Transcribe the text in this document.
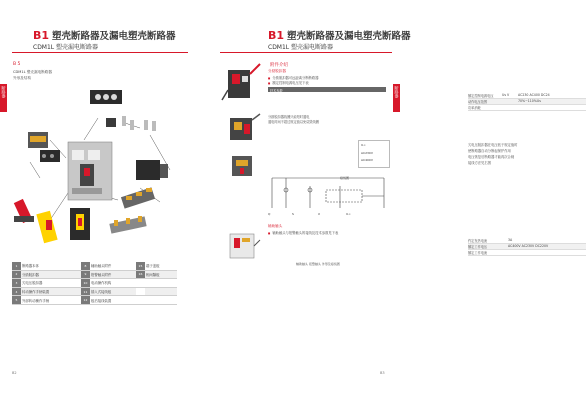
B1 塑壳断路器及漏电塑壳断路器
CDM1L 塑壳漏电断路器
断路器
B 5
CDM1L 塑壳漏电断路器
外形及结构
1	断路器本体	8	辅助触头附件	15	端子盖板
2	分励脱扣器	9	报警触头附件	16	相间隔板
3	欠电压脱扣器	10	电动操作机构		
4	转动操作手柄装置	11	插入式接线板		
5	外部转动操作手柄	12	板后接线装置		
B2
B1 塑壳断路器及漏电塑壳断路器
CDM1L 塑壳漏电断路器
断路器
附件介绍
分励脱扣器
■ 分励脱扣器可远距离分断断路器
■ 额定控制电源电压见下表
技术参数
额定控制电源电压	Us V	AC230 AC400 DC24
动作电压范围	70%~110%Us
功率消耗
分励脱扣器线圈只能短时通电
通电时间不超过规定值以免烧毁线圈
欠电压脱扣器在电压低于规定值时
使断路器自动分断起保护作用
电压恢复后断路器才能再次合闸
接线方法见右图
U<
AC230V
AC400V
Q	S	X	U<
接线图
辅助触头
■ 辅助触头与报警触头的接线及技术参数见下表
约定发热电流	3A
额定工作电压	AC400V AC230V DC220V
额定工作电流
辅助触头 报警触头 外形及接线图
B3
